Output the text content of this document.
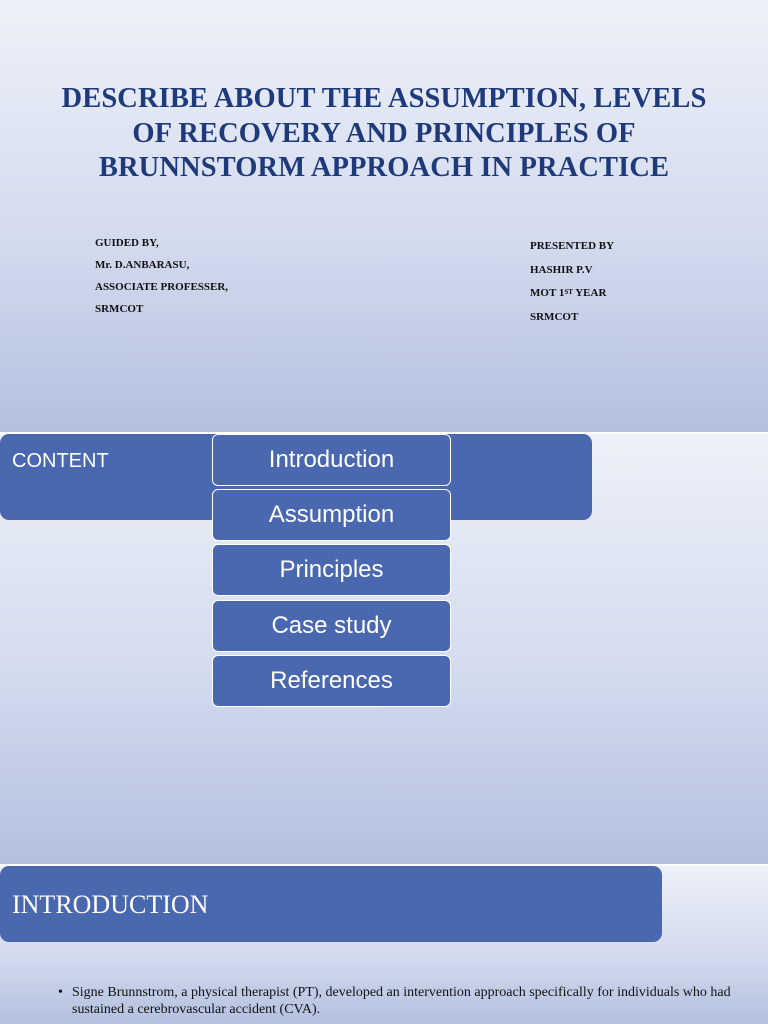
DESCRIBE ABOUT THE ASSUMPTION, LEVELS OF RECOVERY AND PRINCIPLES OF BRUNNSTORM APPROACH IN PRACTICE
GUIDED BY,
Mr. D.ANBARASU,
ASSOCIATE PROFESSER,
SRMCOT
PRESENTED BY
HASHIR P.V
MOT 1ST YEAR
SRMCOT
CONTENT	Introduction
Assumption
Principles
Case study
References
INTRODUCTION
• Signe Brunnstrom, a physical therapist (PT), developed an intervention approach specifically for individuals who had sustained a cerebrovascular accident (CVA).
